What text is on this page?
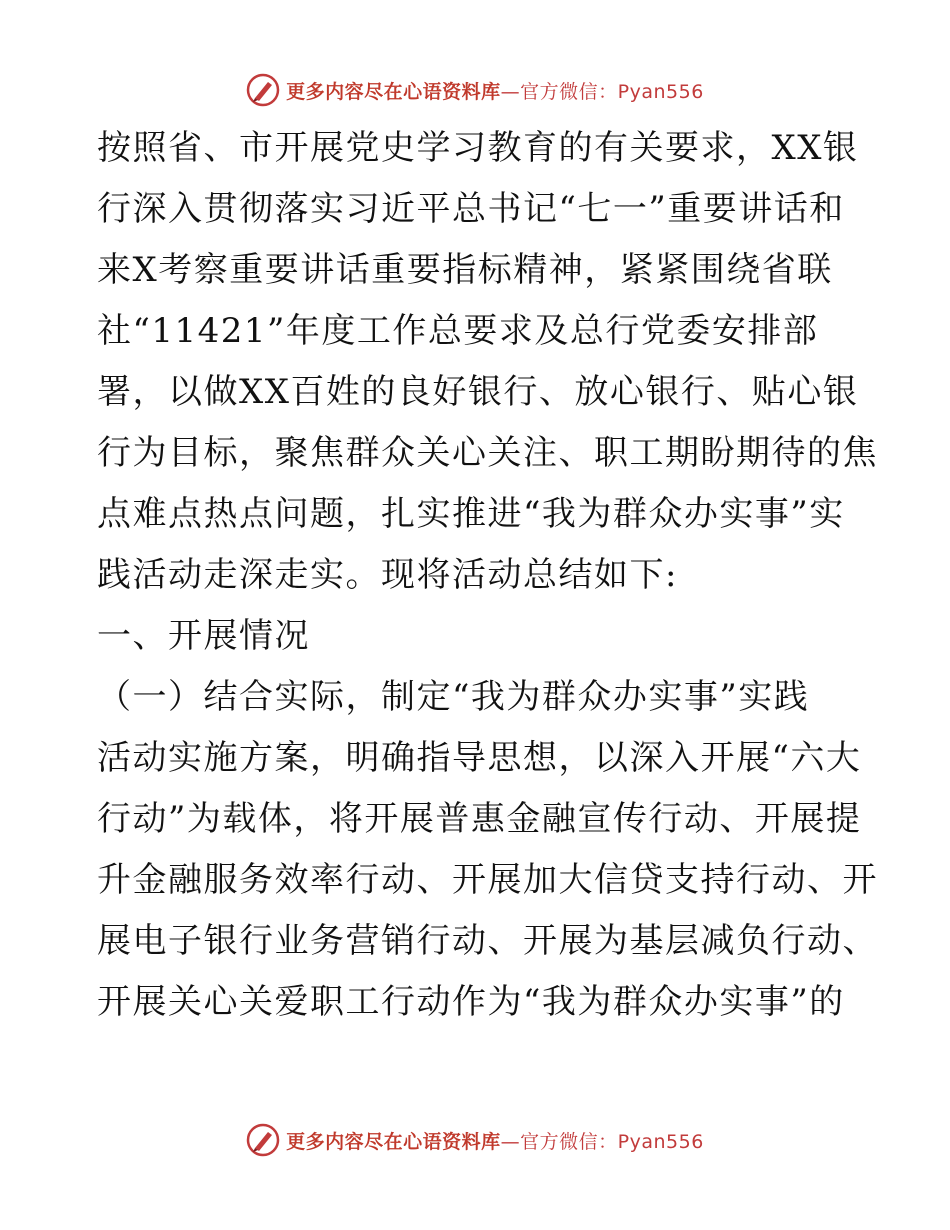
更多内容尽在心语资料库—官方微信：Pyan556
按照省、市开展党史学习教育的有关要求，XX银
行深入贯彻落实习近平总书记“七一”重要讲话和
来X考察重要讲话重要指标精神，紧紧围绕省联
社“11421”年度工作总要求及总行党委安排部
署，以做XX百姓的良好银行、放心银行、贴心银
行为目标，聚焦群众关心关注、职工期盼期待的焦
点难点热点问题，扎实推进“我为群众办实事”实
践活动走深走实。现将活动总结如下:
一、开展情况
（一）结合实际，制定“我为群众办实事”实践
活动实施方案，明确指导思想，以深入开展“六大
行动”为载体，将开展普惠金融宣传行动、开展提
升金融服务效率行动、开展加大信贷支持行动、开
展电子银行业务营销行动、开展为基层减负行动、
开展关心关爱职工行动作为“我为群众办实事”的
更多内容尽在心语资料库—官方微信：Pyan556
